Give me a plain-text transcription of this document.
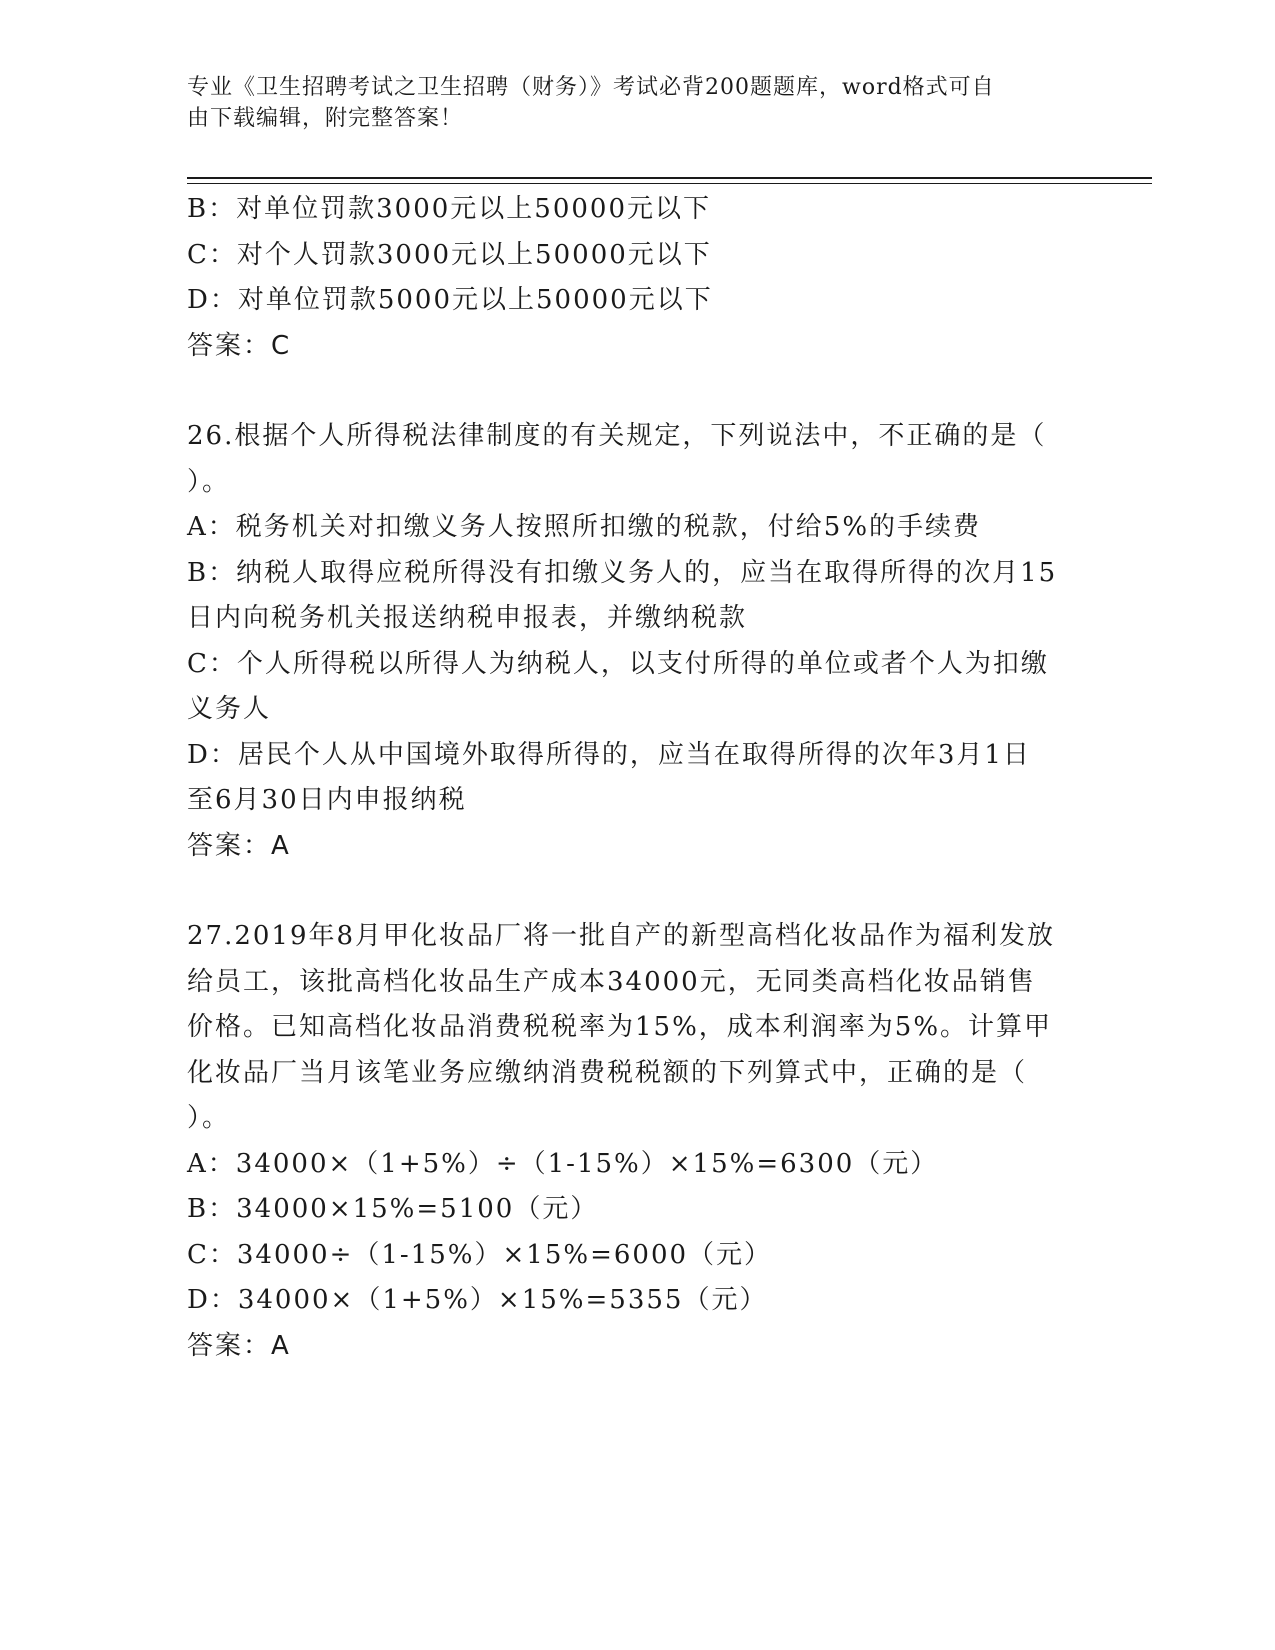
专业《卫生招聘考试之卫生招聘（财务）》考试必背200题题库，word格式可自
由下载编辑，附完整答案！
B：对单位罚款3000元以上50000元以下
C：对个人罚款3000元以上50000元以下
D：对单位罚款5000元以上50000元以下
答案：C
26.根据个人所得税法律制度的有关规定，下列说法中，不正确的是（
）。
A：税务机关对扣缴义务人按照所扣缴的税款，付给5%的手续费
B：纳税人取得应税所得没有扣缴义务人的，应当在取得所得的次月15
日内向税务机关报送纳税申报表，并缴纳税款
C：个人所得税以所得人为纳税人，以支付所得的单位或者个人为扣缴
义务人
D：居民个人从中国境外取得所得的，应当在取得所得的次年3月1日
至6月30日内申报纳税
答案：A
27.2019年8月甲化妆品厂将一批自产的新型高档化妆品作为福利发放
给员工，该批高档化妆品生产成本34000元，无同类高档化妆品销售
价格。已知高档化妆品消费税税率为15%，成本利润率为5%。计算甲
化妆品厂当月该笔业务应缴纳消费税税额的下列算式中，正确的是（
）。
A：34000×（1+5%）÷（1-15%）×15%=6300（元）
B：34000×15%=5100（元）
C：34000÷（1-15%）×15%=6000（元）
D：34000×（1+5%）×15%=5355（元）
答案：A
